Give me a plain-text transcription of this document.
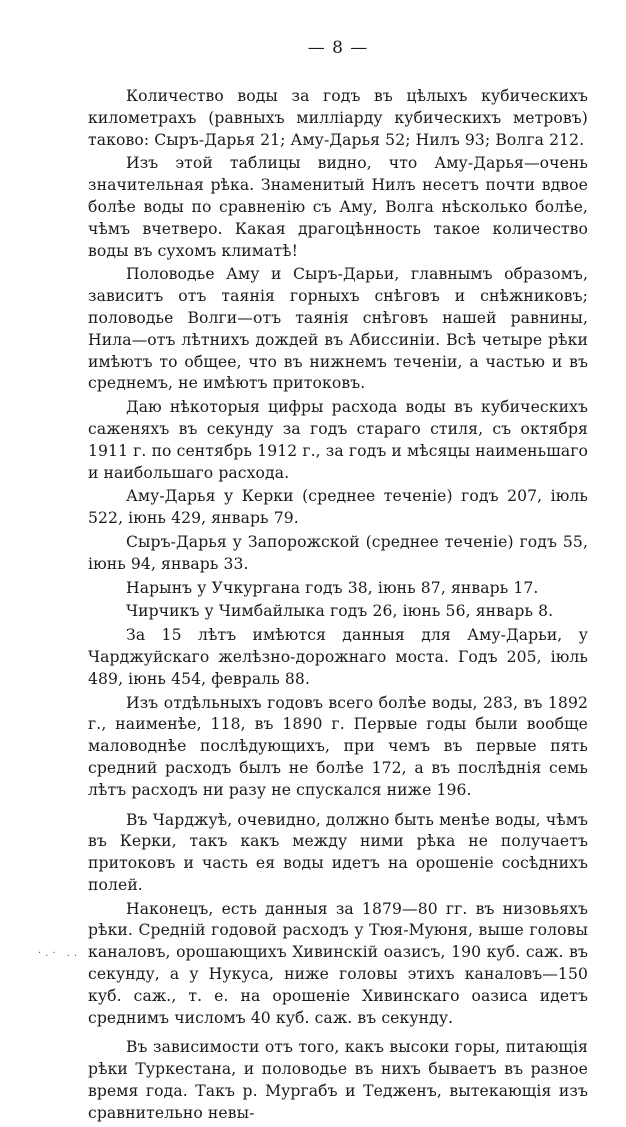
— 8 —

Количество воды за годъ въ цѣлыхъ кубическихъ километрахъ (равныхъ миллiарду кубическихъ метровъ) таково: Сыръ-Дарья 21; Аму-Дарья 52; Нилъ 93; Волга 212.

Изъ этой таблицы видно, что Аму-Дарья—очень значительная рѣка. Знаменитый Нилъ несетъ почти вдвое болѣе воды по сравненiю съ Аму, Волга нѣсколько болѣе, чѣмъ вчетверо. Какая драгоцѣнность такое количество воды въ сухомъ климатѣ!

Половодье Аму и Сыръ-Дарьи, главнымъ образомъ, зависитъ отъ таянiя горныхъ снѣговъ и снѣжниковъ; половодье Волги—отъ таянiя снѣговъ нашей равнины, Нила—отъ лѣтнихъ дождей въ Абиссинiи. Всѣ четыре рѣки имѣютъ то общее, что въ нижнемъ теченiи, а частью и въ среднемъ, не имѣютъ притоковъ.

Даю нѣкоторыя цифры расхода воды въ кубическихъ саженяхъ въ секунду за годъ стараго стиля, съ октября 1911 г. по сентябрь 1912 г., за годъ и мѣсяцы наименьшаго и наибольшаго расхода.

Аму-Дарья у Керки (среднее теченiе) годъ 207, iюль 522, iюнь 429, январь 79.

Сыръ-Дарья у Запорожской (среднее теченiе) годъ 55, iюнь 94, январь 33.

Нарынъ у Учкургана годъ 38, iюнь 87, январь 17.

Чирчикъ у Чимбайлыка годъ 26, iюнь 56, январь 8.

За 15 лѣтъ имѣются данныя для Аму-Дарьи, у Чарджуйскаго желѣзно-дорожнаго моста. Годъ 205, iюль 489, iюнь 454, февраль 88.

Изъ отдѣльныхъ годовъ всего болѣе воды, 283, въ 1892 г., наименѣе, 118, въ 1890 г. Первые годы были вообще маловоднѣе послѣдующихъ, при чемъ въ первые пять средний расходъ былъ не болѣе 172, а въ послѣднiя семь лѣтъ расходъ ни разу не спускался ниже 196.

Въ Чарджуѣ, очевидно, должно быть менѣе воды, чѣмъ въ Керки, такъ какъ между ними рѣка не получаетъ притоковъ и часть ея воды идетъ на орошенiе сосѣднихъ полей.

Наконецъ, есть данныя за 1879—80 гг. въ низовьяхъ рѣки. Среднiй годовой расходъ у Тюя-Муюня, выше головы каналовъ, орошающихъ Хивинскiй оазисъ, 190 куб. саж. въ секунду, а у Нукуса, ниже головы этихъ каналовъ—150 куб. саж., т. е. на орошенiе Хивинскаго оазиса идетъ среднимъ числомъ 40 куб. саж. въ секунду.

Въ зависимости отъ того, какъ высоки горы, питающiя рѣки Туркестана, и половодье въ нихъ бываетъ въ разное время года. Такъ р. Мургабъ и Тедженъ, вытекающiя изъ сравнительно невы-

·.· ..
